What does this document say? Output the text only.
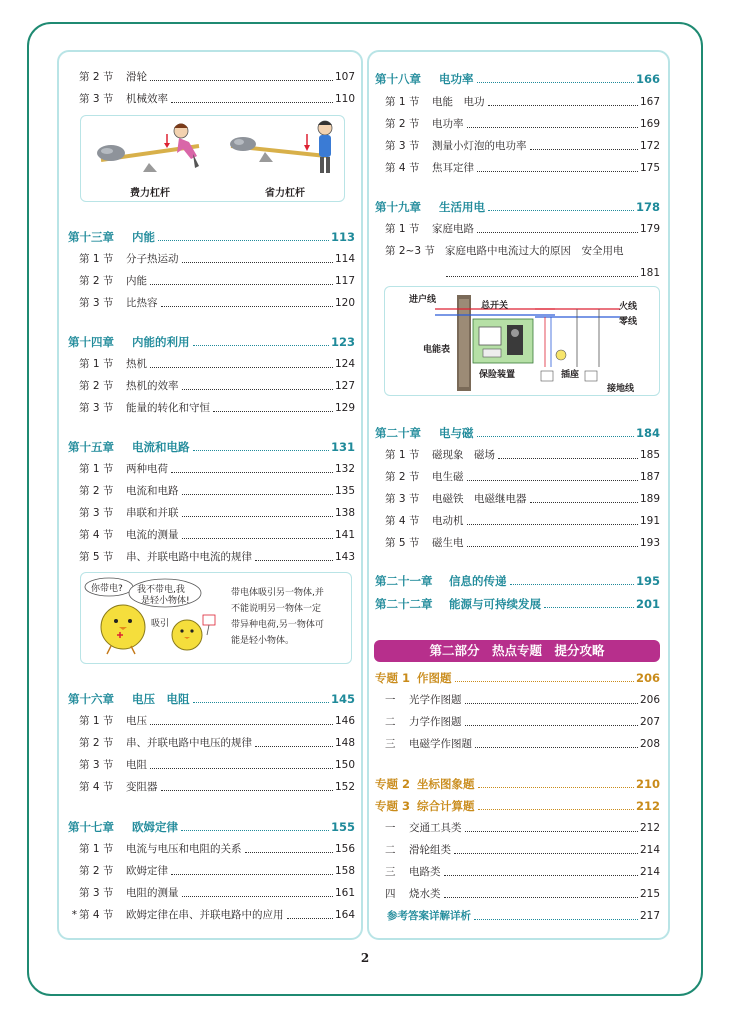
第 2 节	滑轮	107
第 3 节	机械效率	110
费力杠杆	省力杠杆
第十三章	内能	113
第 1 节	分子热运动	114
第 2 节	内能	117
第 3 节	比热容	120
第十四章	内能的利用	123
第 1 节	热机	124
第 2 节	热机的效率	127
第 3 节	能量的转化和守恒	129
第十五章	电流和电路	131
第 1 节	两种电荷	132
第 2 节	电流和电路	135
第 3 节	串联和并联	138
第 4 节	电流的测量	141
第 5 节	串、并联电路中电流的规律	143
你带电? 我不带电,我
是轻小物体!
吸引
带电体吸引另一物体,并
不能说明另一物体一定
带异种电荷,另一物体可
能是轻小物体。
第十六章	电压　电阻	145
第 1 节	电压	146
第 2 节	串、并联电路中电压的规律	148
第 3 节	电阻	150
第 4 节	变阻器	152
第十七章	欧姆定律	155
第 1 节	电流与电压和电阻的关系	156
第 2 节	欧姆定律	158
第 3 节	电阻的测量	161
* 第 4 节	欧姆定律在串、并联电路中的应用	164
第十八章	电功率	166
第 1 节	电能　电功	167
第 2 节	电功率	169
第 3 节	测量小灯泡的电功率	172
第 4 节	焦耳定律	175
第十九章	生活用电	178
第 1 节	家庭电路	179
第 2~3 节 家庭电路中电流过大的原因　安全用电
181
进户线
总开关	火线
零线
电能表
保险装置	插座
接地线
第二十章	电与磁	184
第 1 节	磁现象　磁场	185
第 2 节	电生磁	187
第 3 节	电磁铁　电磁继电器	189
第 4 节	电动机	191
第 5 节	磁生电	193
第二十一章	信息的传递	195
第二十二章	能源与可持续发展	201
第二部分　热点专题　提分攻略
专题 1 作图题	206
一	光学作图题	206
二	力学作图题	207
三	电磁学作图题	208
专题 2 坐标图象题	210
专题 3 综合计算题	212
一	交通工具类	212
二	滑轮组类	214
三	电路类	214
四	烧水类	215
参考答案详解详析	217
2
